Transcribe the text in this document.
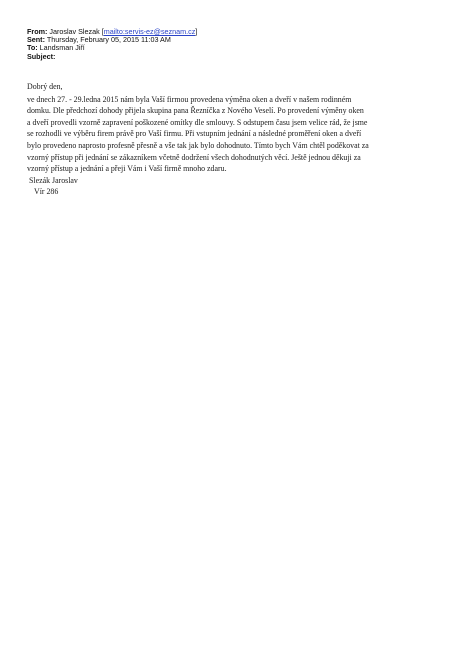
From: Jaroslav Slezak [mailto:servis-ez@seznam.cz]
Sent: Thursday, February 05, 2015 11:03 AM
To: Landsman Jiří
Subject:

Dobrý den,

ve dnech 27. - 29.ledna 2015 nám byla Vaší firmou provedena výměna oken a dveří v našem rodinném

domku. Dle předchozí dohody přijela skupina pana Řezníčka z Nového Veselí. Po provedení výměny oken

a dveří provedli vzorně zapravení poškozené omítky dle smlouvy. S odstupem času jsem velice rád, že jsme

se rozhodli ve výběru firem právě pro Vaší firmu. Při vstupním jednání a následné proměření oken a dveří

bylo provedeno naprosto profesně přesně a vše tak jak bylo dohodnuto. Tímto bych Vám chtěl poděkovat za

vzorný přístup při jednání se zákazníkem včetně dodržení všech dohodnutých věcí. Ještě jednou děkuji za

vzorný přístup a jednání a přeji Vám i Vaší firmě mnoho zdaru.

Slezák Jaroslav

Vír 286
